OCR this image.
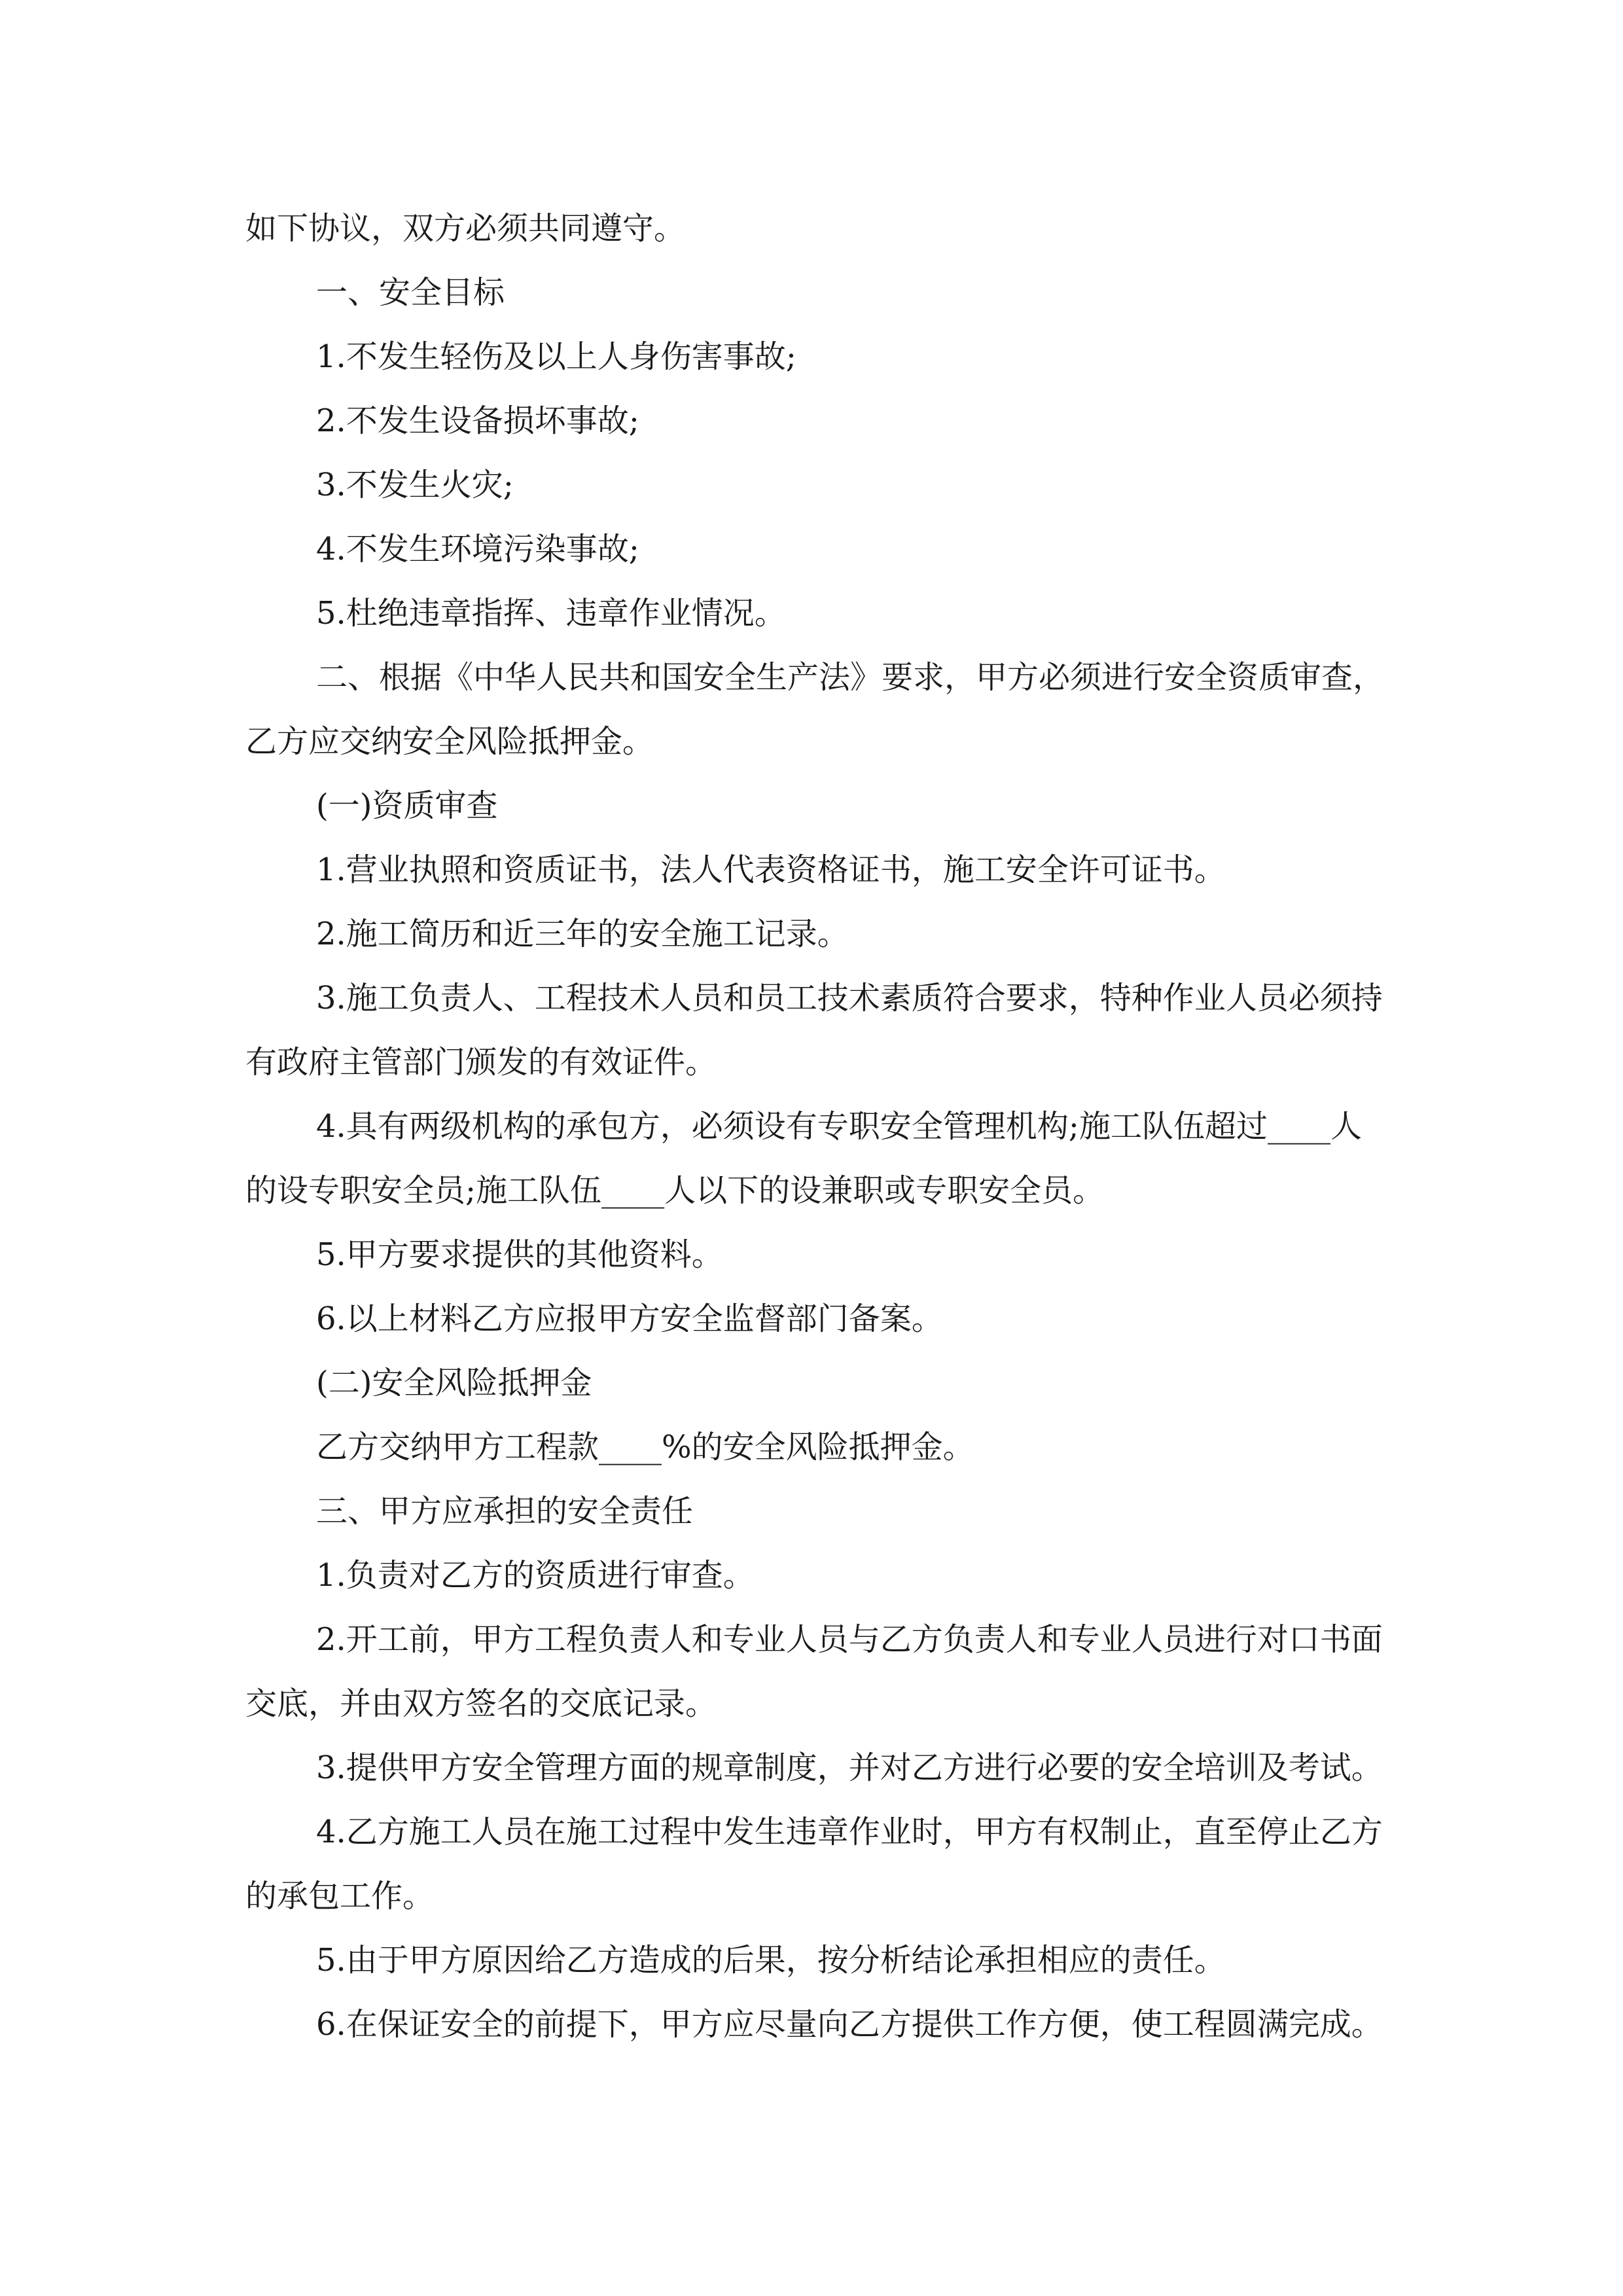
如下协议，双方必须共同遵守。

一、安全目标

1.不发生轻伤及以上人身伤害事故;

2.不发生设备损坏事故;

3.不发生火灾;

4.不发生环境污染事故;

5.杜绝违章指挥、违章作业情况。

二、根据《中华人民共和国安全生产法》要求，甲方必须进行安全资质审查，乙方应交纳安全风险抵押金。

(一)资质审查

1.营业执照和资质证书，法人代表资格证书，施工安全许可证书。

2.施工简历和近三年的安全施工记录。

3.施工负责人、工程技术人员和员工技术素质符合要求，特种作业人员必须持有政府主管部门颁发的有效证件。

4.具有两级机构的承包方，必须设有专职安全管理机构;施工队伍超过____人的设专职安全员;施工队伍____人以下的设兼职或专职安全员。

5.甲方要求提供的其他资料。

6.以上材料乙方应报甲方安全监督部门备案。

(二)安全风险抵押金

乙方交纳甲方工程款____%的安全风险抵押金。

三、甲方应承担的安全责任

1.负责对乙方的资质进行审查。

2.开工前，甲方工程负责人和专业人员与乙方负责人和专业人员进行对口书面交底，并由双方签名的交底记录。

3.提供甲方安全管理方面的规章制度，并对乙方进行必要的安全培训及考试。

4.乙方施工人员在施工过程中发生违章作业时，甲方有权制止，直至停止乙方的承包工作。

5.由于甲方原因给乙方造成的后果，按分析结论承担相应的责任。

6.在保证安全的前提下，甲方应尽量向乙方提供工作方便，使工程圆满完成。
